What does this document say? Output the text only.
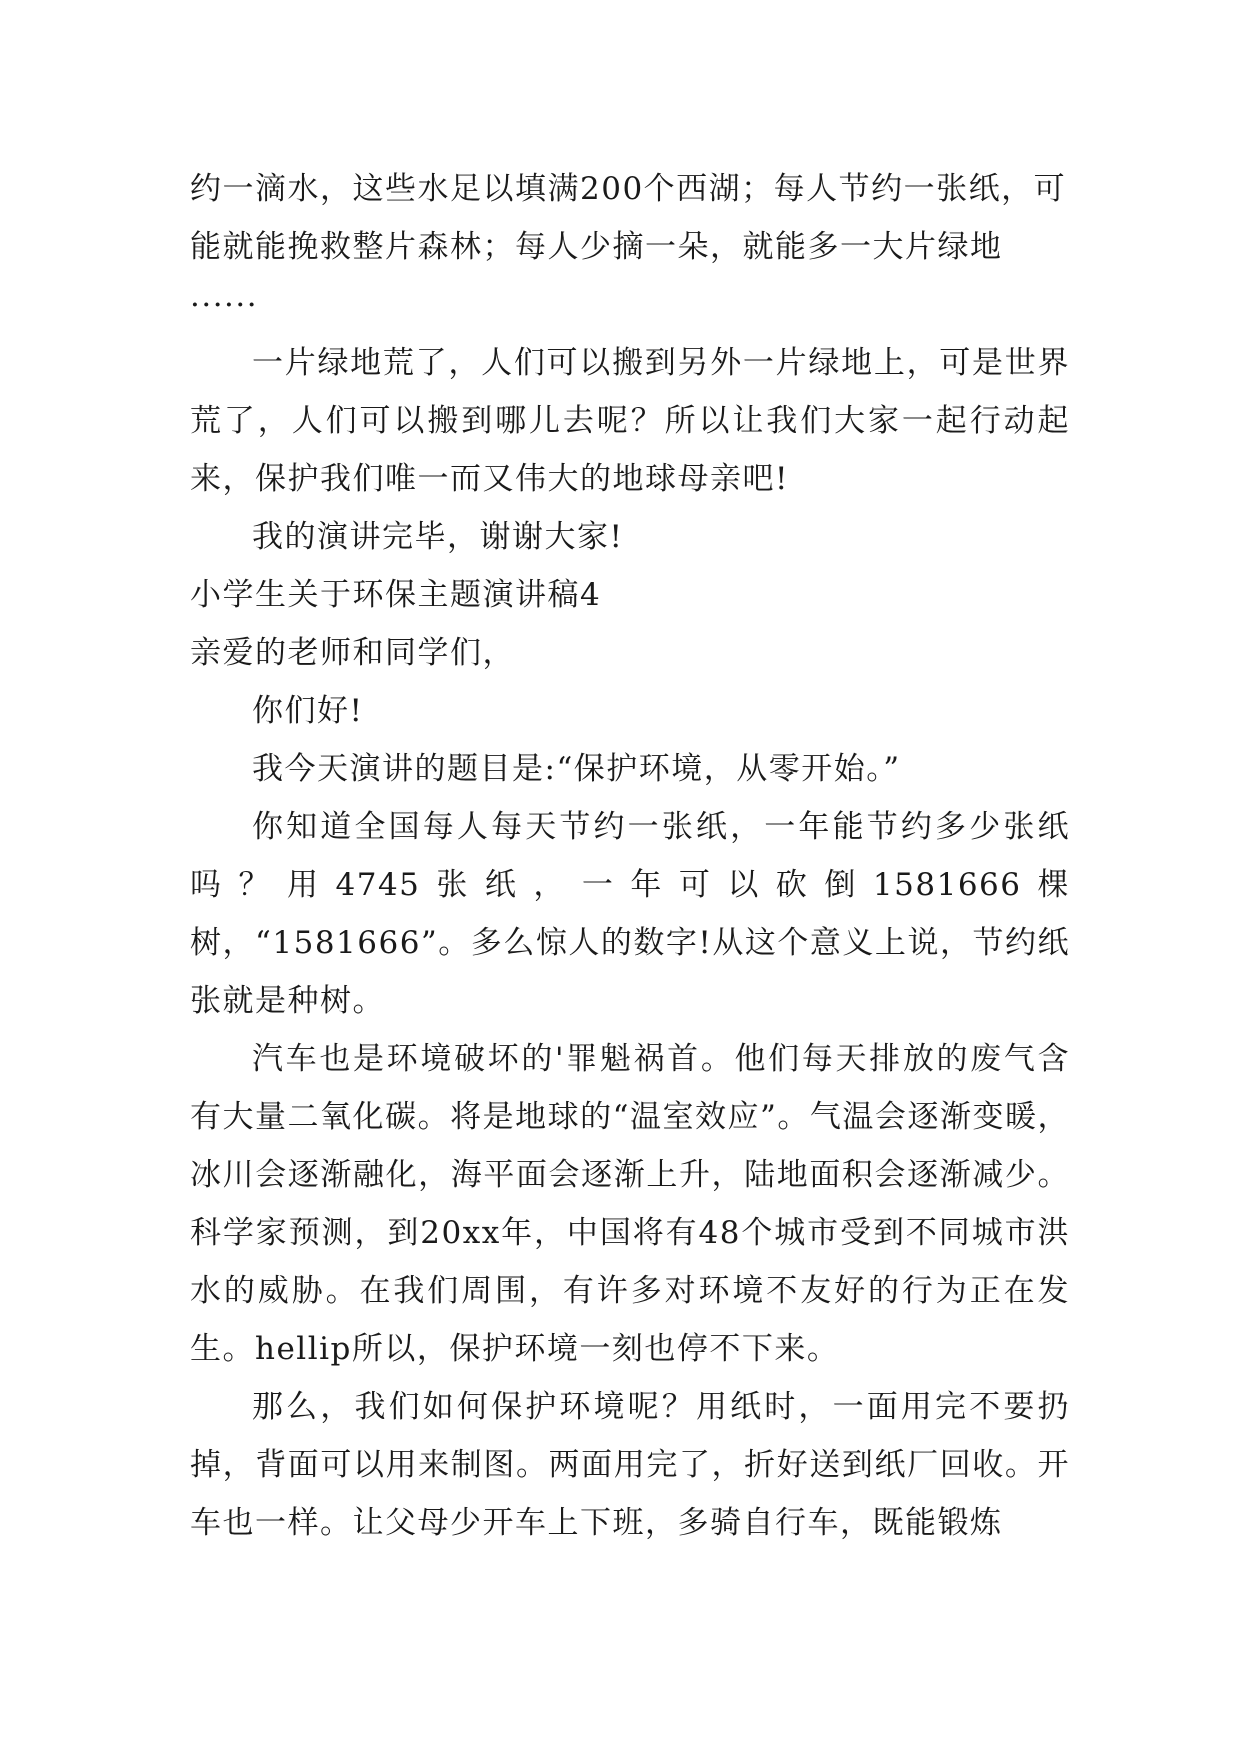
约一滴水，这些水足以填满200个西湖；每人节约一张纸，可能就能挽救整片森林；每人少摘一朵，就能多一大片绿地······

一片绿地荒了，人们可以搬到另外一片绿地上，可是世界荒了，人们可以搬到哪儿去呢？所以让我们大家一起行动起来，保护我们唯一而又伟大的地球母亲吧!

我的演讲完毕，谢谢大家!

小学生关于环保主题演讲稿4

亲爱的老师和同学们，

你们好!

我今天演讲的题目是:“保护环境，从零开始。”

你知道全国每人每天节约一张纸，一年能节约多少张纸吗？用4745张纸，一年可以砍倒1581666棵树，“1581666”。多么惊人的数字!从这个意义上说，节约纸张就是种树。

汽车也是环境破坏的'罪魁祸首。他们每天排放的废气含有大量二氧化碳。将是地球的“温室效应”。气温会逐渐变暖，冰川会逐渐融化，海平面会逐渐上升，陆地面积会逐渐减少。科学家预测，到20xx年，中国将有48个城市受到不同城市洪水的威胁。在我们周围，有许多对环境不友好的行为正在发生。hellip所以，保护环境一刻也停不下来。

那么，我们如何保护环境呢？用纸时，一面用完不要扔掉，背面可以用来制图。两面用完了，折好送到纸厂回收。开车也一样。让父母少开车上下班，多骑自行车，既能锻炼
